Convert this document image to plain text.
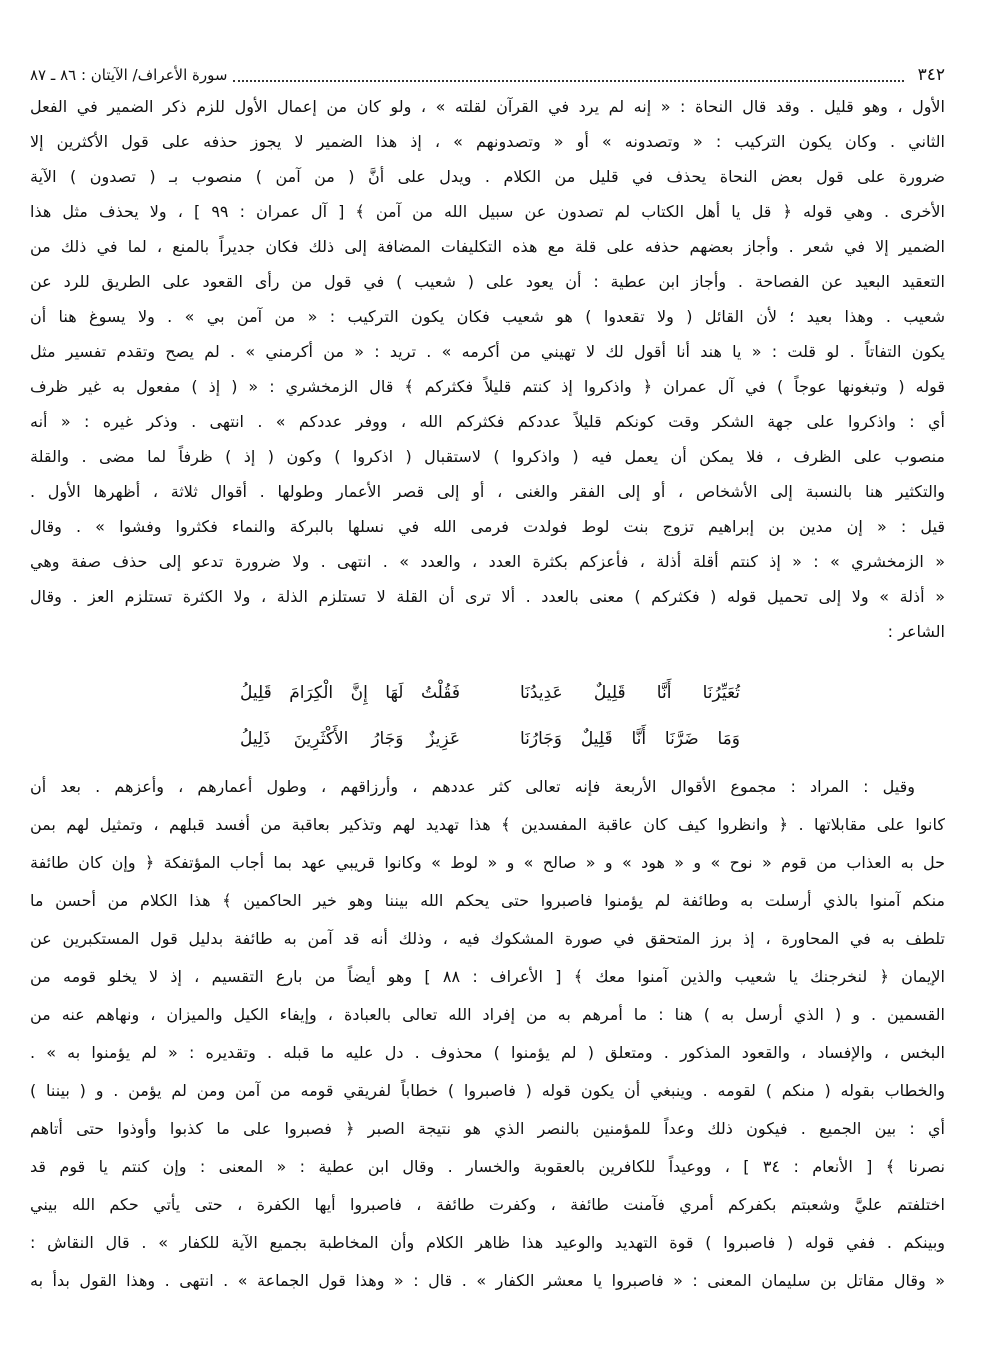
٣٤٢
سورة الأعراف/ الآيتان : ٨٦ ـ ٨٧
الأول ، وهو قليل . وقد قال النحاة : « إنه لم يرد في القرآن لقلته » ، ولو كان من إعمال الأول للزم ذكر الضمير في الفعل
الثاني . وكان يكون التركيب : « وتصدونه » أو « وتصدونهم » ، إذ هذا الضمير لا يجوز حذفه على قول الأكثرين إلا
ضرورة على قول بعض النحاة يحذف في قليل من الكلام . ويدل على أنَّ ( من آمن ) منصوب بـ ( تصدون ) الآية
الأخرى . وهي قوله ﴿ قل يا أهل الكتاب لم تصدون عن سبيل الله من آمن ﴾ [ آل عمران : ٩٩ ] ، ولا يحذف مثل هذا
الضمير إلا في شعر . وأجاز بعضهم حذفه على قلة مع هذه التكليفات المضافة إلى ذلك فكان جديراً بالمنع ، لما في ذلك من
التعقيد البعيد عن الفصاحة . وأجاز ابن عطية : أن يعود على ( شعيب ) في قول من رأى القعود على الطريق للرد عن
شعيب . وهذا بعيد ؛ لأن القائل ( ولا تقعدوا ) هو شعيب فكان يكون التركيب : « من آمن بي » . ولا يسوغ هنا أن
يكون التفاتاً . لو قلت : « يا هند أنا أقول لك لا تهيني من أكرمه » . تريد : « من أكرمني » . لم يصح وتقدم تفسير مثل
قوله ( وتبغونها عوجاً ) في آل عمران ﴿ واذكروا إذ كنتم قليلاً فكثركم ﴾ قال الزمخشري : « ( إذ ) مفعول به غير ظرف
أي : واذكروا على جهة الشكر وقت كونكم قليلاً عددكم فكثركم الله ، ووفر عددكم » . انتهى . وذكر غيره : « أنه
منصوب على الظرف ، فلا يمكن أن يعمل فيه ( واذكروا ) لاستقبال ( اذكروا ) وكون ( إذ ) ظرفاً لما مضى . والقلة
والتكثير هنا بالنسبة إلى الأشخاص ، أو إلى الفقر والغنى ، أو إلى قصر الأعمار وطولها . أقوال ثلاثة ، أظهرها الأول .
قيل : « إن مدين بن إبراهيم تزوج بنت لوط فولدت فرمى الله في نسلها بالبركة والنماء فكثروا وفشوا » . وقال
« الزمخشري » : « إذ كنتم أقلة أذلة ، فأعزكم بكثرة العدد ، والعدد » . انتهى . ولا ضرورة تدعو إلى حذف صفة وهي
« أذلة » ولا إلى تحميل قوله ( فكثركم ) معنى بالعدد . ألا ترى أن القلة لا تستلزم الذلة ، ولا الكثرة تستلزم العز . وقال
الشاعر :
تُعَيِّرُنَا أَنَّا قَلِيلٌ عَدِيدُنَا
فَقُلْتُ لَهَا إِنَّ الْكِرَامَ قَلِيلُ
وَمَا ضَرَّنَا أَنَّا قَلِيلٌ وَجَارُنَا
عَزِيزٌ وَجَارُ الأَكْثَرِينَ ذَلِيلُ
وقيل : المراد : مجموع الأقوال الأربعة فإنه تعالى كثر عددهم ، وأرزاقهم ، وطول أعمارهم ، وأعزهم . بعد أن
كانوا على مقابلاتها . ﴿ وانظروا كيف كان عاقبة المفسدين ﴾ هذا تهديد لهم وتذكير بعاقبة من أفسد قبلهم ، وتمثيل لهم بمن
حل به العذاب من قوم « نوح » و « هود » و « صالح » و « لوط » وكانوا قريبي عهد بما أجاب المؤتفكة ﴿ وإن كان طائفة
منكم آمنوا بالذي أرسلت به وطائفة لم يؤمنوا فاصبروا حتى يحكم الله بيننا وهو خير الحاكمين ﴾ هذا الكلام من أحسن ما
تلطف به في المحاورة ، إذ برز المتحقق في صورة المشكوك فيه ، وذلك أنه قد آمن به طائفة بدليل قول المستكبرين عن
الإيمان ﴿ لنخرجنك يا شعيب والذين آمنوا معك ﴾ [ الأعراف : ٨٨ ] وهو أيضاً من بارع التقسيم ، إذ لا يخلو قومه من
القسمين . و ( الذي أرسل به ) هنا : ما أمرهم به من إفراد الله تعالى بالعبادة ، وإيفاء الكيل والميزان ، ونهاهم عنه من
البخس ، والإفساد ، والقعود المذكور . ومتعلق ( لم يؤمنوا ) محذوف . دل عليه ما قبله . وتقديره : « لم يؤمنوا به » .
والخطاب بقوله ( منكم ) لقومه . وينبغي أن يكون قوله ( فاصبروا ) خطاباً لفريقي قومه من آمن ومن لم يؤمن . و ( بيننا )
أي : بين الجميع . فيكون ذلك وعداً للمؤمنين بالنصر الذي هو نتيجة الصبر ﴿ فصبروا على ما كذبوا وأوذوا حتى أتاهم
نصرنا ﴾ [ الأنعام : ٣٤ ] ، ووعيداً للكافرين بالعقوبة والخسار . وقال ابن عطية : « المعنى : وإن كنتم يا قوم قد
اختلفتم عليَّ وشعبتم بكفركم أمري فآمنت طائفة ، وكفرت طائفة ، فاصبروا أيها الكفرة ، حتى يأتي حكم الله بيني
وبينكم . ففي قوله ( فاصبروا ) قوة التهديد والوعيد هذا ظاهر الكلام وأن المخاطبة بجميع الآية للكفار » . قال النقاش :
« وقال مقاتل بن سليمان المعنى : « فاصبروا يا معشر الكفار » . قال : « وهذا قول الجماعة » . انتهى . وهذا القول بدأ به
